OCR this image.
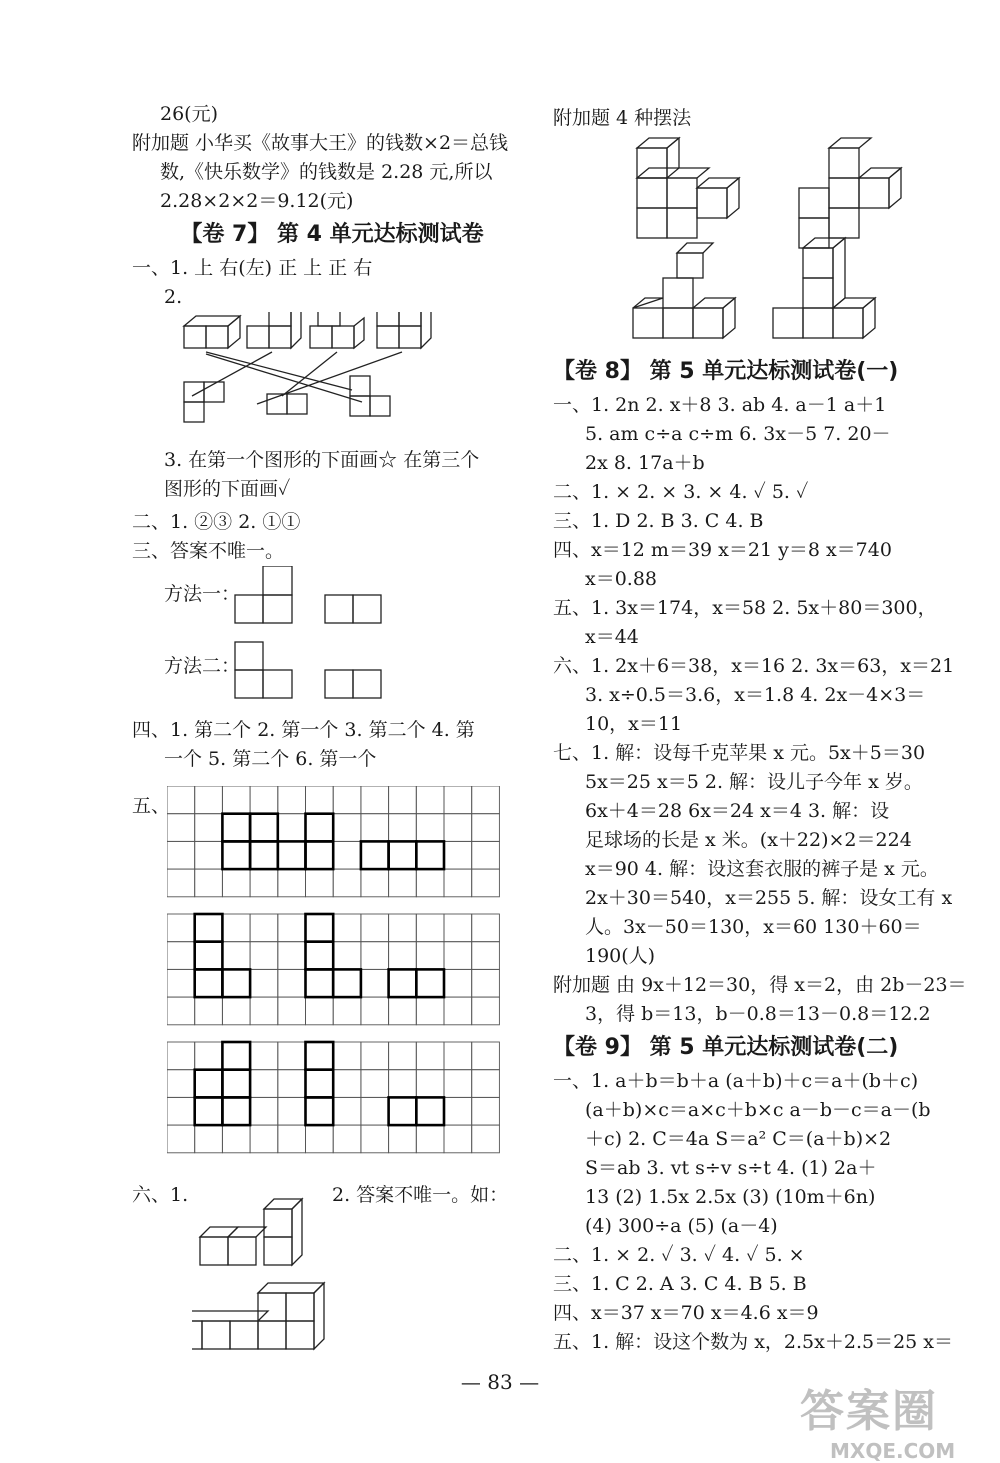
26(元)
附加题 小华买《故事大王》的钱数×2＝总钱
数,《快乐数学》的钱数是 2.28 元,所以
2.28×2×2＝9.12(元)
【卷 7】 第 4 单元达标测试卷
一、1. 上 右(左) 正 上 正 右
2.
3. 在第一个图形的下面画☆ 在第三个
图形的下面画✓
二、1. ②③ 2. ①①
三、答案不唯一。
方法一：
方法二：
四、1. 第二个 2. 第一个 3. 第二个 4. 第
一个 5. 第二个 6. 第一个
五、
六、1.	2. 答案不唯一。如：
附加题 4 种摆法
【卷 8】 第 5 单元达标测试卷(一)
一、1. 2n 2. x＋8 3. ab 4. a－1 a＋1
5. am c÷a c÷m 6. 3x－5 7. 20－
2x 8. 17a＋b
二、1. × 2. × 3. × 4. ✓ 5. ✓
三、1. D 2. B 3. C 4. B
四、x＝12 m＝39 x＝21 y＝8 x＝740
x＝0.88
五、1. 3x＝174，x＝58 2. 5x＋80＝300，
x＝44
六、1. 2x＋6＝38，x＝16 2. 3x＝63，x＝21
3. x÷0.5＝3.6，x＝1.8 4. 2x－4×3＝
10，x＝11
七、1. 解：设每千克苹果 x 元。5x＋5＝30
5x＝25 x＝5 2. 解：设儿子今年 x 岁。
6x＋4＝28 6x＝24 x＝4 3. 解：设
足球场的长是 x 米。(x＋22)×2＝224
x＝90 4. 解：设这套衣服的裤子是 x 元。
2x＋30＝540，x＝255 5. 解：设女工有 x
人。3x－50＝130，x＝60 130＋60＝
190(人)
附加题 由 9x＋12＝30，得 x＝2，由 2b－23＝
3，得 b＝13，b－0.8＝13－0.8＝12.2
【卷 9】 第 5 单元达标测试卷(二)
一、1. a＋b＝b＋a (a＋b)＋c＝a＋(b＋c)
(a＋b)×c＝a×c＋b×c a－b－c＝a－(b
＋c) 2. C＝4a S＝a² C＝(a＋b)×2
S＝ab 3. vt s÷v s÷t 4. (1) 2a＋
13 (2) 1.5x 2.5x (3) (10m＋6n)
(4) 300÷a (5) (a－4)
二、1. × 2. ✓ 3. ✓ 4. ✓ 5. ×
三、1. C 2. A 3. C 4. B 5. B
四、x＝37 x＝70 x＝4.6 x＝9
五、1. 解：设这个数为 x，2.5x＋2.5＝25 x＝
— 83 —
答案圈
MXQE.COM
